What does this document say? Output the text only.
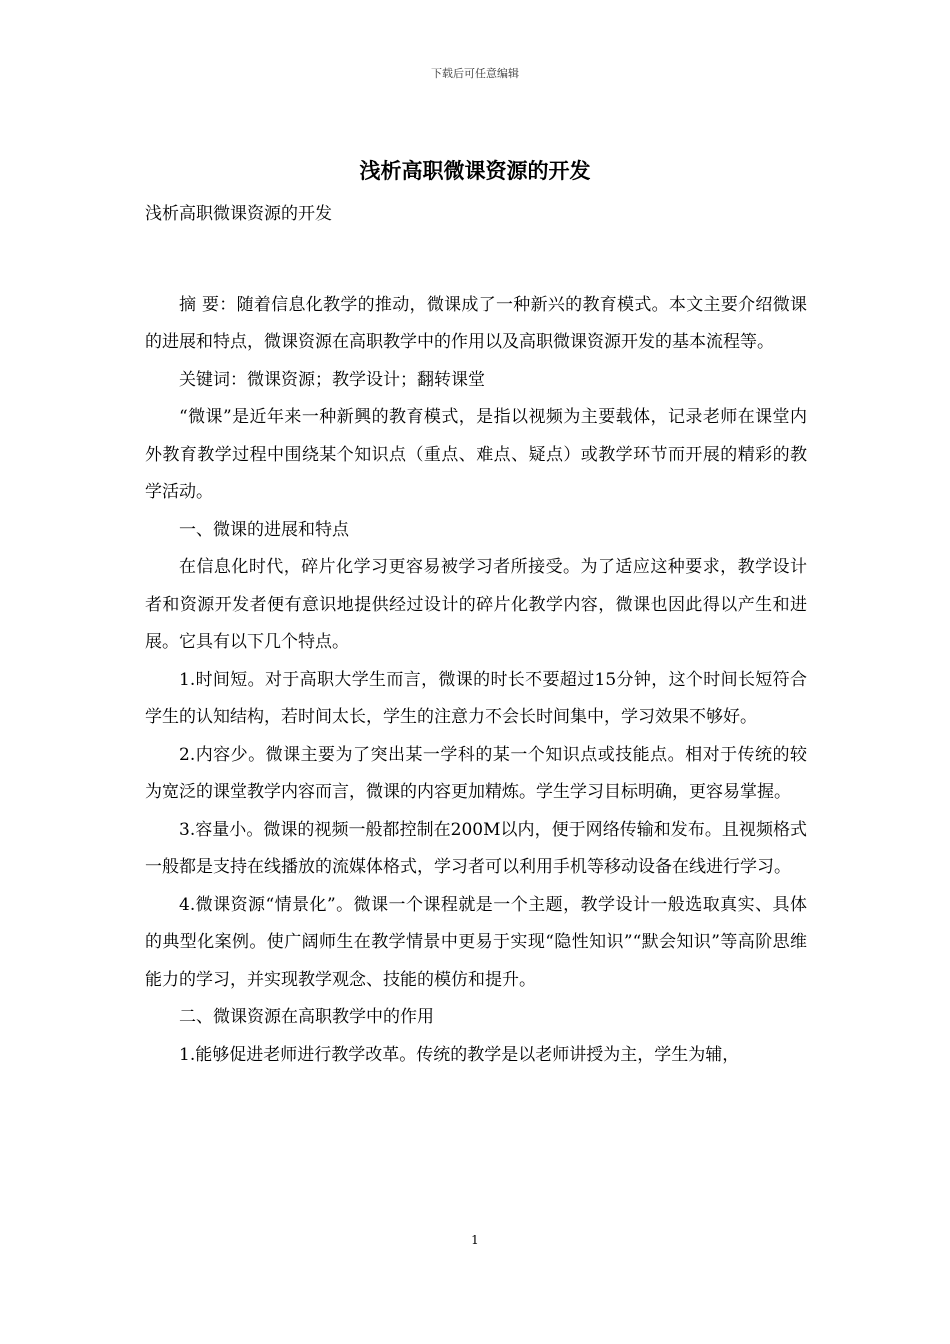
下载后可任意编辑
浅析高职微课资源的开发

浅析高职微课资源的开发

摘 要：随着信息化教学的推动，微课成了一种新兴的教育模式。本文主要介绍微课的进展和特点，微课资源在高职教学中的作用以及高职微课资源开发的基本流程等。

关键词：微课资源；教学设计；翻转课堂

“微课”是近年来一种新興的教育模式，是指以视频为主要载体，记录老师在课堂内外教育教学过程中围绕某个知识点（重点、难点、疑点）或教学环节而开展的精彩的教学活动。

一、微课的进展和特点

在信息化时代，碎片化学习更容易被学习者所接受。为了适应这种要求，教学设计者和资源开发者便有意识地提供经过设计的碎片化教学内容，微课也因此得以产生和进展。它具有以下几个特点。

1.时间短。对于高职大学生而言，微课的时长不要超过15分钟，这个时间长短符合学生的认知结构，若时间太长，学生的注意力不会长时间集中，学习效果不够好。

2.内容少。微课主要为了突出某一学科的某一个知识点或技能点。相对于传统的较为宽泛的课堂教学内容而言，微课的内容更加精炼。学生学习目标明确，更容易掌握。

3.容量小。微课的视频一般都控制在200M以内，便于网络传输和发布。且视频格式一般都是支持在线播放的流媒体格式，学习者可以利用手机等移动设备在线进行学习。

4.微课资源“情景化”。微课一个课程就是一个主题，教学设计一般选取真实、具体的典型化案例。使广阔师生在教学情景中更易于实现“隐性知识”“默会知识”等高阶思维能力的学习，并实现教学观念、技能的模仿和提升。

二、微课资源在高职教学中的作用

1.能够促进老师进行教学改革。传统的教学是以老师讲授为主，学生为辅，

1
